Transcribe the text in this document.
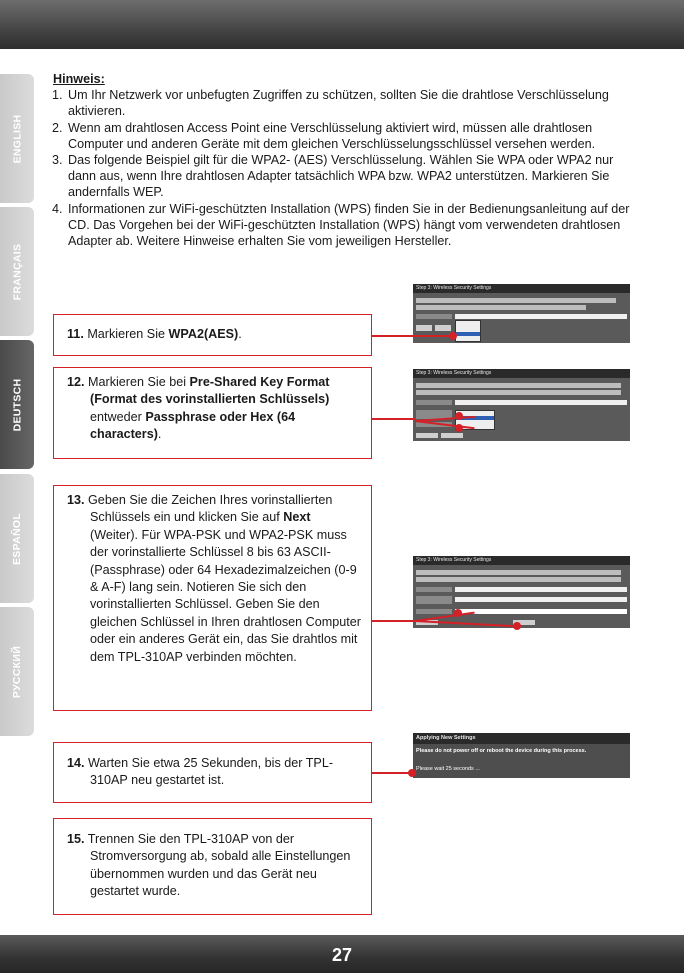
ENGLISH
FRANÇAIS
DEUTSCH
ESPAÑOL
РУССКИЙ
Hinweis:
1. Um Ihr Netzwerk vor unbefugten Zugriffen zu schützen, sollten Sie die drahtlose Verschlüsselung aktivieren.
2. Wenn am drahtlosen Access Point eine Verschlüsselung aktiviert wird, müssen alle drahtlosen Computer und anderen Geräte mit dem gleichen Verschlüsselungsschlüssel versehen werden.
3. Das folgende Beispiel gilt für die WPA2- (AES) Verschlüsselung. Wählen Sie WPA oder WPA2 nur dann aus, wenn Ihre drahtlosen Adapter tatsächlich WPA bzw. WPA2 unterstützen. Markieren Sie andernfalls WEP.
4. Informationen zur WiFi-geschützten Installation (WPS) finden Sie in der Bedienungsanleitung auf der CD. Das Vorgehen bei der WiFi-geschützten Installation (WPS) hängt vom verwendeten drahtlosen Adapter ab. Weitere Hinweise erhalten Sie vom jeweiligen Hersteller.
11. Markieren Sie WPA2(AES).
12. Markieren Sie bei Pre-Shared Key Format (Format des vorinstallierten Schlüssels) entweder Passphrase oder Hex (64 characters).
13. Geben Sie die Zeichen Ihres vorinstallierten Schlüssels ein und klicken Sie auf Next (Weiter). Für WPA-PSK und WPA2-PSK muss der vorinstallierte Schlüssel 8 bis 63 ASCII-(Passphrase) oder 64 Hexadezimalzeichen (0-9 & A-F) lang sein. Notieren Sie sich den vorinstallierten Schlüssel. Geben Sie den gleichen Schlüssel in Ihren drahtlosen Computer oder ein anderes Gerät ein, das Sie drahtlos mit dem TPL-310AP verbinden möchten.
14. Warten Sie etwa 25 Sekunden, bis der TPL-310AP neu gestartet ist.
15. Trennen Sie den TPL-310AP von der Stromversorgung ab, sobald alle Einstellungen übernommen wurden und das Gerät neu gestartet wurde.
Step 3: Wireless Security Settings
Step 3: Wireless Security Settings
Step 3: Wireless Security Settings
Applying New Settings
Please do not power off or reboot the device during this process.
Please wait 25 seconds ...
27
